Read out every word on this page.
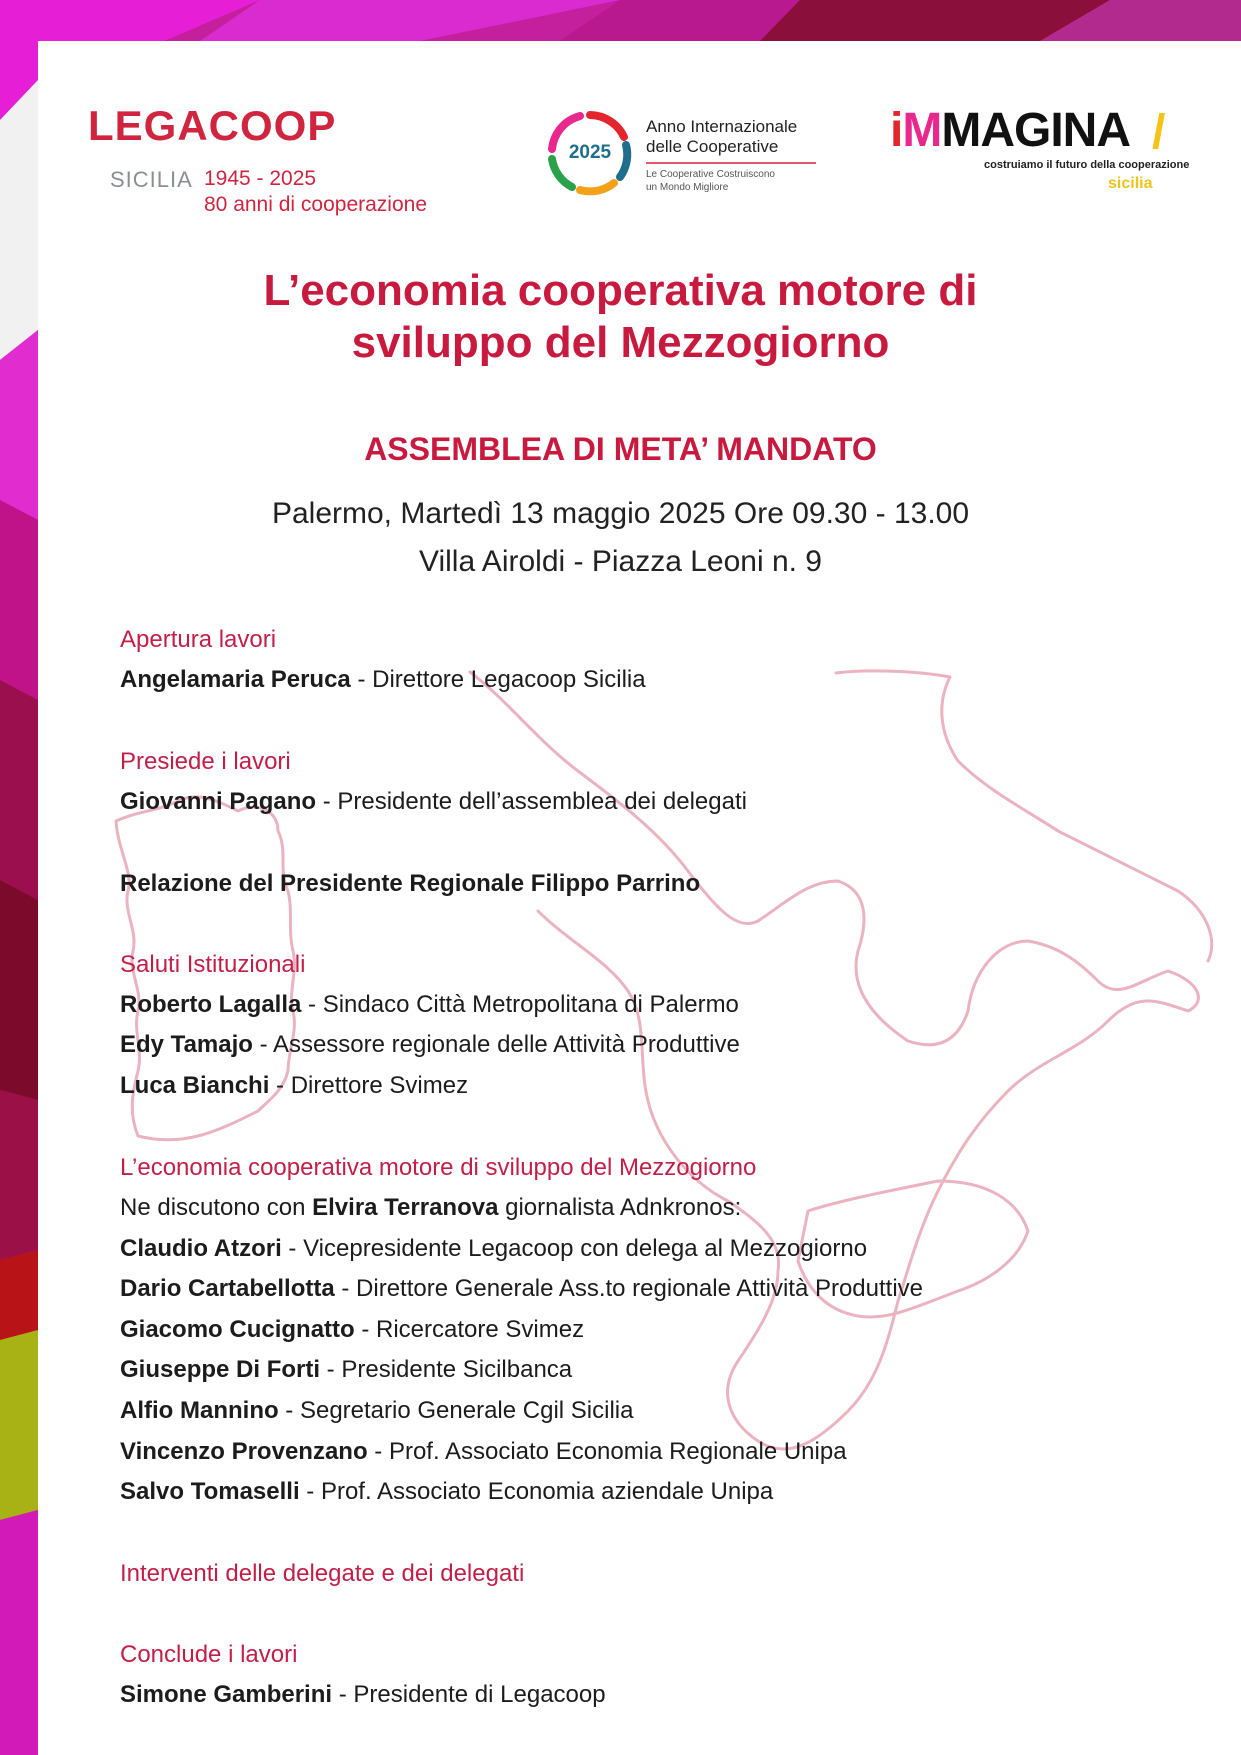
LEGACOOP
SICILIA 1945 - 2025
80 anni di cooperazione
2025
Anno Internazionale
delle Cooperative
Le Cooperative Costruiscono
un Mondo Migliore
iMMAGINA /
costruiamo il futuro della cooperazione
sicilia
L’economia cooperativa motore di
sviluppo del Mezzogiorno
ASSEMBLEA DI META’ MANDATO
Palermo, Martedì 13 maggio 2025 Ore 09.30 - 13.00
Villa Airoldi - Piazza Leoni n. 9
Apertura lavori
Angelamaria Peruca - Direttore Legacoop Sicilia
Presiede i lavori
Giovanni Pagano - Presidente dell’assemblea dei delegati
Relazione del Presidente Regionale Filippo Parrino
Saluti Istituzionali
Roberto Lagalla - Sindaco Città Metropolitana di Palermo
Edy Tamajo - Assessore regionale delle Attività Produttive
Luca Bianchi - Direttore Svimez
L’economia cooperativa motore di sviluppo del Mezzogiorno
Ne discutono con Elvira Terranova giornalista Adnkronos:
Claudio Atzori - Vicepresidente Legacoop con delega al Mezzogiorno
Dario Cartabellotta - Direttore Generale Ass.to regionale Attività Produttive
Giacomo Cucignatto - Ricercatore Svimez
Giuseppe Di Forti - Presidente Sicilbanca
Alfio Mannino - Segretario Generale Cgil Sicilia
Vincenzo Provenzano - Prof. Associato Economia Regionale Unipa
Salvo Tomaselli - Prof. Associato Economia aziendale Unipa
Interventi delle delegate e dei delegati
Conclude i lavori
Simone Gamberini - Presidente di Legacoop
